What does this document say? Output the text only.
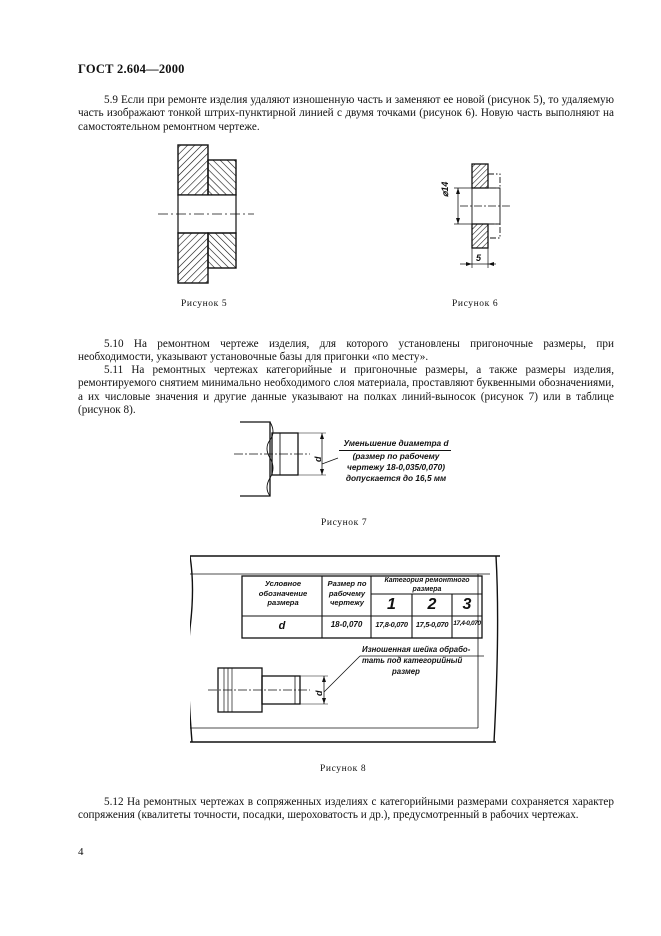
ГОСТ 2.604—2000
5.9 Если при ремонте изделия удаляют изношенную часть и заменяют ее новой (рисунок 5), то удаляемую часть изображают тонкой штрих-пунктирной линией с двумя точками (рисунок 6). Новую часть выполняют на самостоятельном ремонтном чертеже.
Рисунок 5
⌀14
5
Рисунок 6
5.10 На ремонтном чертеже изделия, для которого установлены пригоночные размеры, при необходимости, указывают установочные базы для пригонки «по месту».
5.11 На ремонтных чертежах категорийные и пригоночные размеры, а также размеры изделия, ремонтируемого снятием минимально необходимого слоя материала, проставляют буквенными обозначениями, а их числовые значения и другие данные указывают на полках линий-выносок (рисунок 7) или в таблице (рисунок 8).
d
Уменьшение диаметра d
(размер по рабочему
чертежу 18-0,035/0,070)
допускается до 16,5 мм
Рисунок 7
Условное обозначение размера
Размер по рабочему чертежу
Категория ремонтного размера
1	2	3
d	18-0,070	17,8-0,070	17,5-0,070 17,4-0,070
Изношенная шейка обрабо-
тать под категорийный
размер
d
Рисунок 8
5.12 На ремонтных чертежах в сопряженных изделиях с категорийными размерами сохраняется характер сопряжения (квалитеты точности, посадки, шероховатость и др.), предусмотренный в рабочих чертежах.
4
